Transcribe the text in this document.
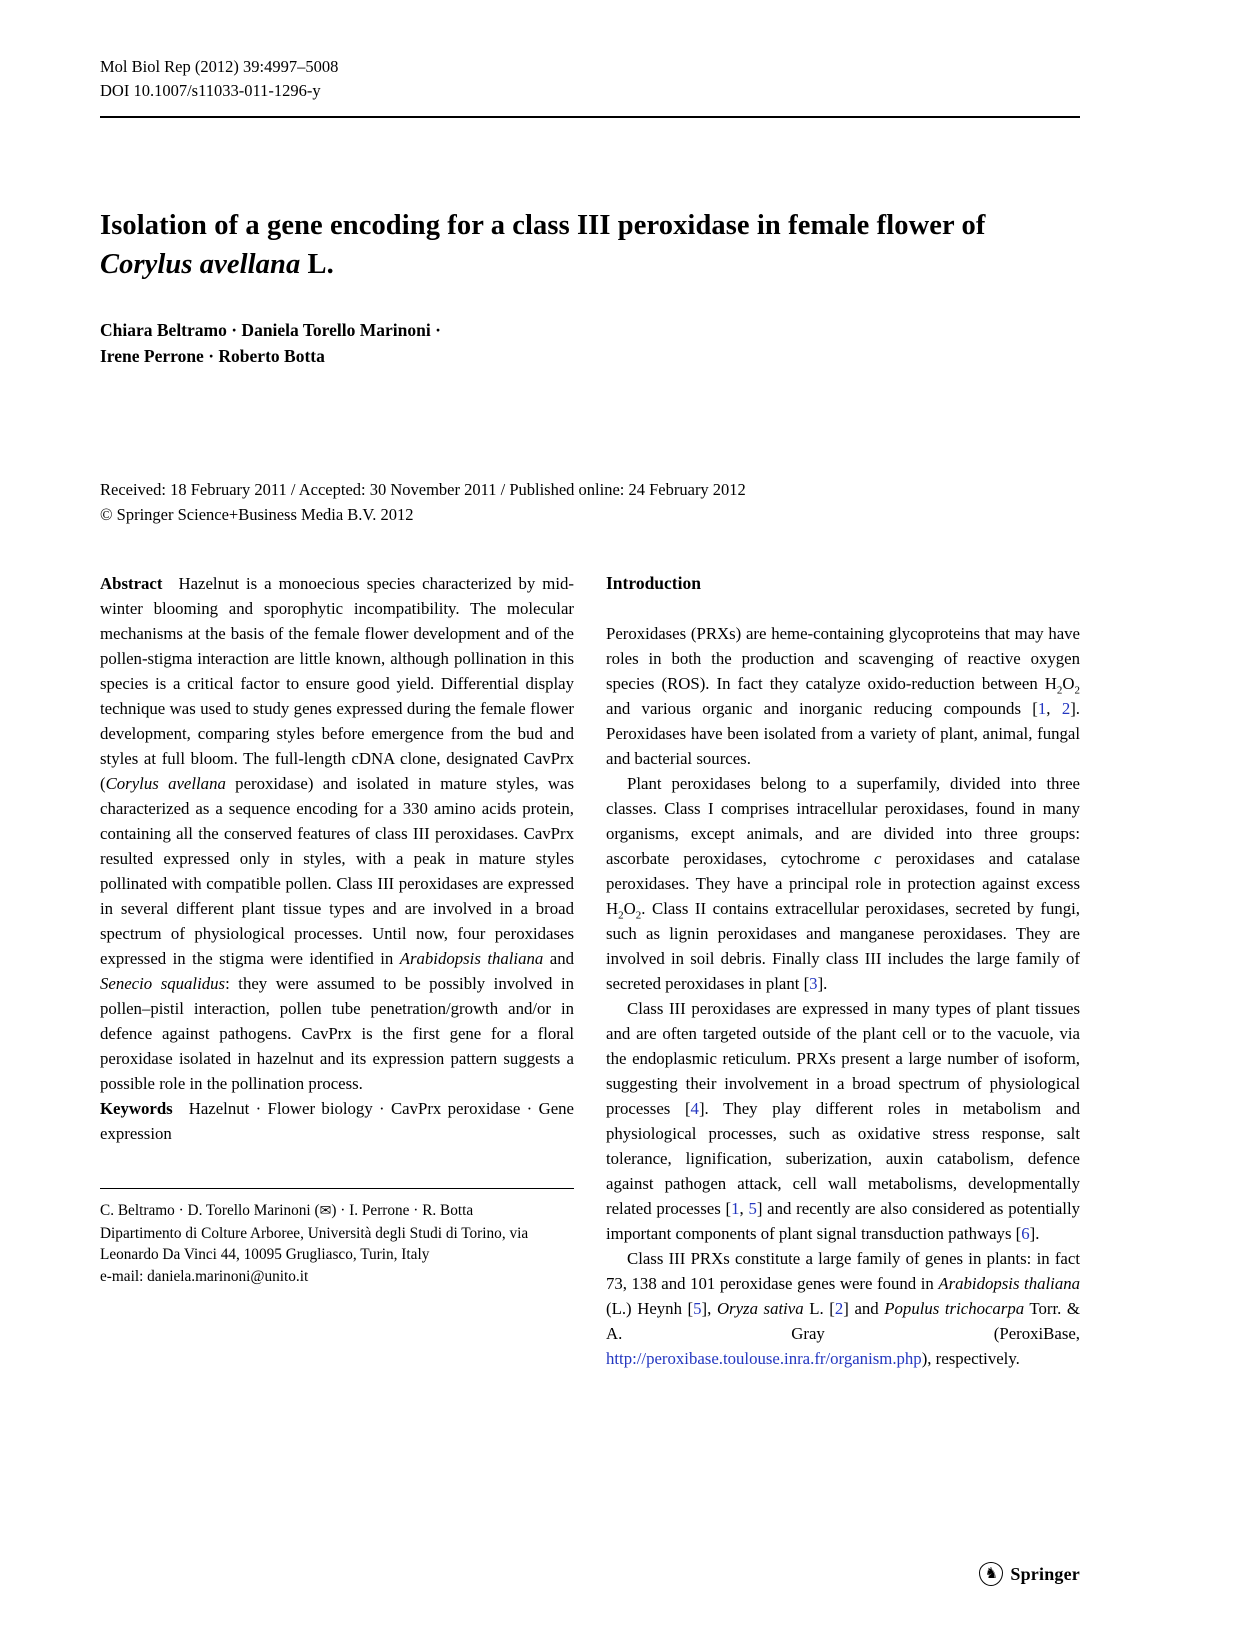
Mol Biol Rep (2012) 39:4997–5008
DOI 10.1007/s11033-011-1296-y
Isolation of a gene encoding for a class III peroxidase in female flower of Corylus avellana L.
Chiara Beltramo · Daniela Torello Marinoni ·
Irene Perrone · Roberto Botta
Received: 18 February 2011 / Accepted: 30 November 2011 / Published online: 24 February 2012
© Springer Science+Business Media B.V. 2012

Abstract Hazelnut is a monoecious species characterized by mid-winter blooming and sporophytic incompatibility. The molecular mechanisms at the basis of the female flower development and of the pollen-stigma interaction are little known, although pollination in this species is a critical factor to ensure good yield. Differential display technique was used to study genes expressed during the female flower development, comparing styles before emergence from the bud and styles at full bloom. The full-length cDNA clone, designated CavPrx (Corylus avellana peroxidase) and isolated in mature styles, was characterized as a sequence encoding for a 330 amino acids protein, containing all the conserved features of class III peroxidases. CavPrx resulted expressed only in styles, with a peak in mature styles pollinated with compatible pollen. Class III peroxidases are expressed in several different plant tissue types and are involved in a broad spectrum of physiological processes. Until now, four peroxidases expressed in the stigma were identified in Arabidopsis thaliana and Senecio squalidus: they were assumed to be possibly involved in pollen–pistil interaction, pollen tube penetration/growth and/or in defence against pathogens. CavPrx is the first gene for a floral peroxidase isolated in hazelnut and its expression pattern suggests a possible role in the pollination process.

Keywords Hazelnut · Flower biology · CavPrx peroxidase · Gene expression

C. Beltramo · D. Torello Marinoni (✉) · I. Perrone · R. Botta
Dipartimento di Colture Arboree, Università degli Studi di Torino, via Leonardo Da Vinci 44, 10095 Grugliasco, Turin, Italy
e-mail: daniela.marinoni@unito.it
Introduction

Peroxidases (PRXs) are heme-containing glycoproteins that may have roles in both the production and scavenging of reactive oxygen species (ROS). In fact they catalyze oxido-reduction between $H_2O_2$ and various organic and inorganic reducing compounds [1, 2]. Peroxidases have been isolated from a variety of plant, animal, fungal and bacterial sources.

Plant peroxidases belong to a superfamily, divided into three classes. Class I comprises intracellular peroxidases, found in many organisms, except animals, and are divided into three groups: ascorbate peroxidases, cytochrome c peroxidases and catalase peroxidases. They have a principal role in protection against excess $H_2O_2$. Class II contains extracellular peroxidases, secreted by fungi, such as lignin peroxidases and manganese peroxidases. They are involved in soil debris. Finally class III includes the large family of secreted peroxidases in plant [3].

Class III peroxidases are expressed in many types of plant tissues and are often targeted outside of the plant cell or to the vacuole, via the endoplasmic reticulum. PRXs present a large number of isoform, suggesting their involvement in a broad spectrum of physiological processes [4]. They play different roles in metabolism and physiological processes, such as oxidative stress response, salt tolerance, lignification, suberization, auxin catabolism, defence against pathogen attack, cell wall metabolisms, developmentally related processes [1, 5] and recently are also considered as potentially important components of plant signal transduction pathways [6].

Class III PRXs constitute a large family of genes in plants: in fact 73, 138 and 101 peroxidase genes were found in Arabidopsis thaliana (L.) Heynh [5], Oryza sativa L. [2] and Populus trichocarpa Torr. & A. Gray (PeroxiBase, http://peroxibase.toulouse.inra.fr/organism.php), respectively.

♞ Springer
